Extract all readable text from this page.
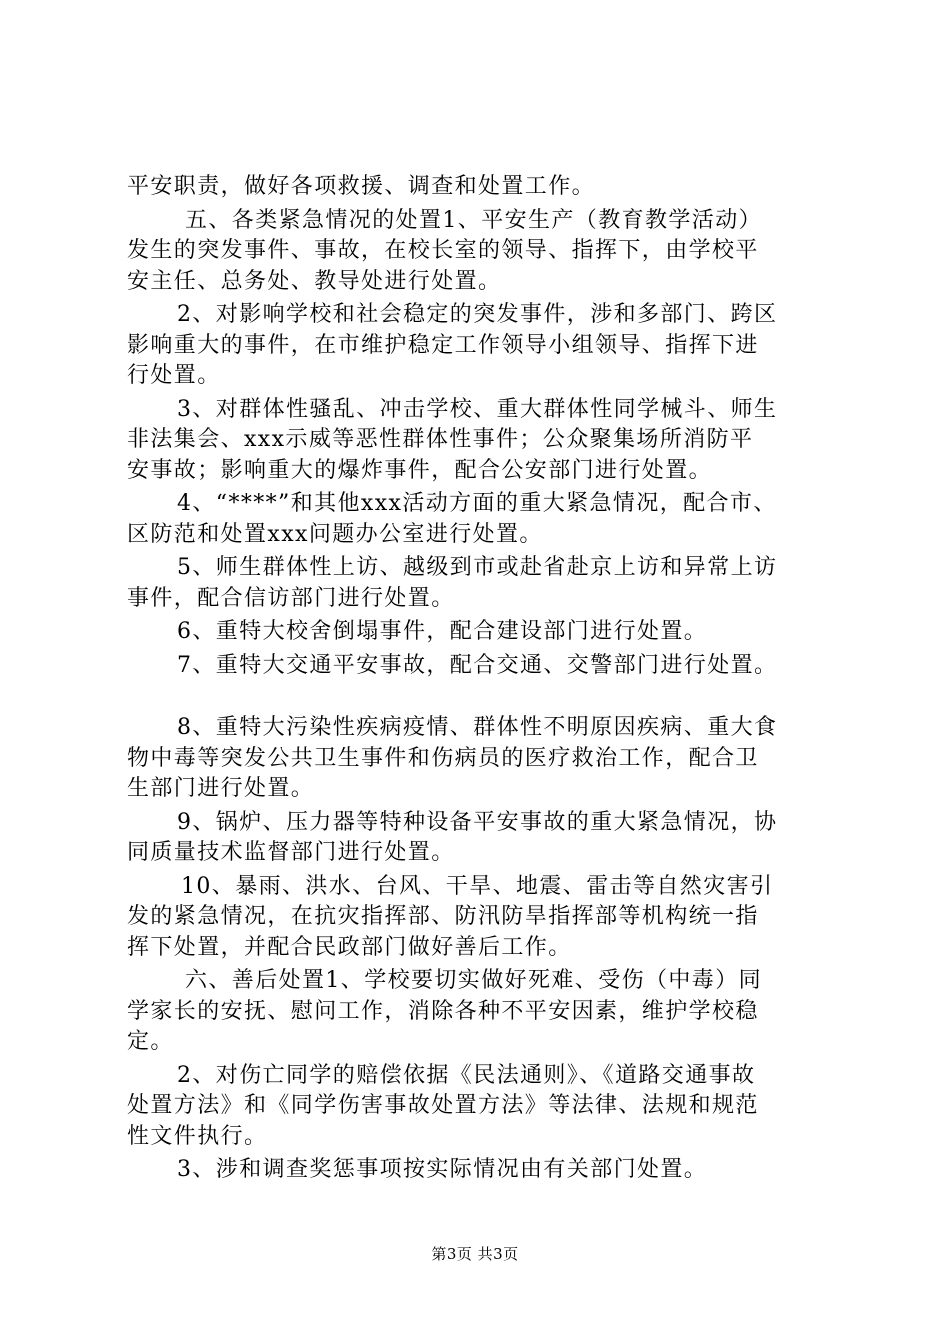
平安职责，做好各项救援、调查和处置工作。
五、各类紧急情况的处置1、平安生产（教育教学活动）
发生的突发事件、事故，在校长室的领导、指挥下，由学校平
安主任、总务处、教导处进行处置。
2、对影响学校和社会稳定的突发事件，涉和多部门、跨区
影响重大的事件，在市维护稳定工作领导小组领导、指挥下进
行处置。
3、对群体性骚乱、冲击学校、重大群体性同学械斗、师生
非法集会、xxx示威等恶性群体性事件；公众聚集场所消防平
安事故；影响重大的爆炸事件，配合公安部门进行处置。
4、“****”和其他xxx活动方面的重大紧急情况，配合市、
区防范和处置xxx问题办公室进行处置。
5、师生群体性上访、越级到市或赴省赴京上访和异常上访
事件，配合信访部门进行处置。
6、重特大校舍倒塌事件，配合建设部门进行处置。
7、重特大交通平安事故，配合交通、交警部门进行处置。
8、重特大污染性疾病疫情、群体性不明原因疾病、重大食
物中毒等突发公共卫生事件和伤病员的医疗救治工作，配合卫
生部门进行处置。
9、锅炉、压力器等特种设备平安事故的重大紧急情况，协
同质量技术监督部门进行处置。
10、暴雨、洪水、台风、干旱、地震、雷击等自然灾害引
发的紧急情况，在抗灾指挥部、防汛防旱指挥部等机构统一指
挥下处置，并配合民政部门做好善后工作。
六、善后处置1、学校要切实做好死难、受伤（中毒）同
学家长的安抚、慰问工作，消除各种不平安因素，维护学校稳
定。
2、对伤亡同学的赔偿依据《民法通则》、《道路交通事故
处置方法》和《同学伤害事故处置方法》等法律、法规和规范
性文件执行。
3、涉和调查奖惩事项按实际情况由有关部门处置。
第3页 共3页
